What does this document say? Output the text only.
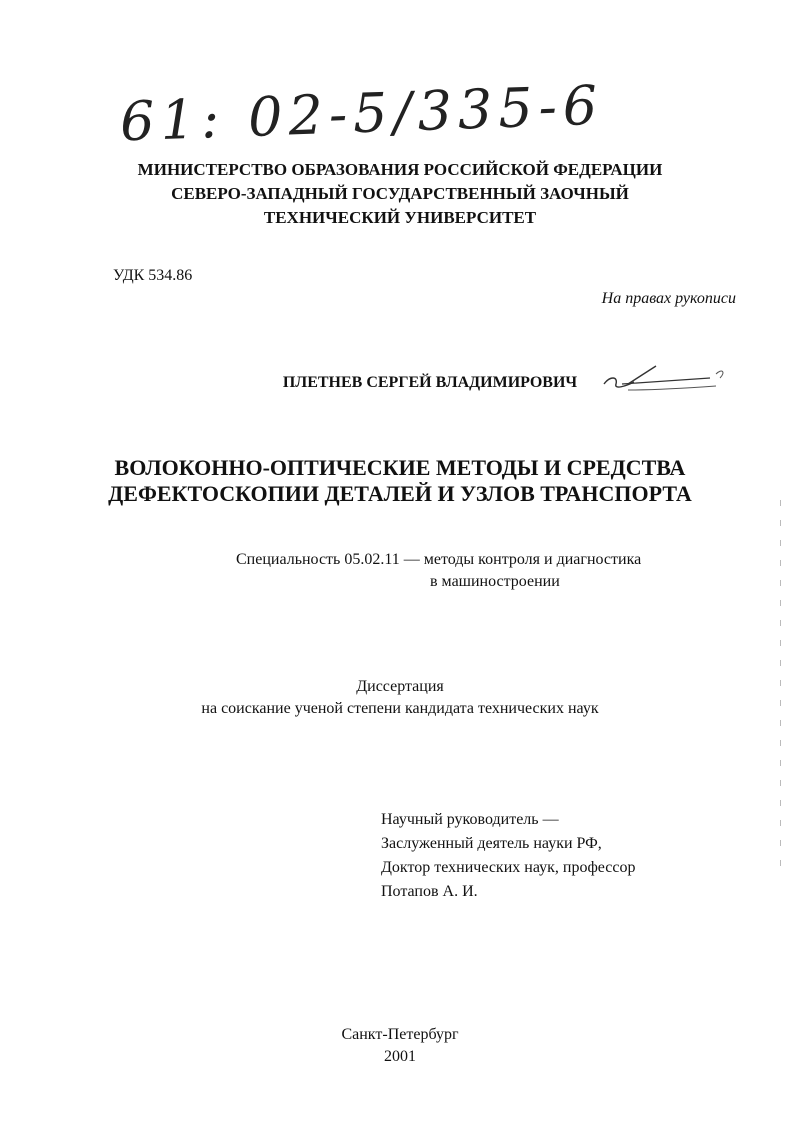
61: 02-5/335-6
МИНИСТЕРСТВО ОБРАЗОВАНИЯ РОССИЙСКОЙ ФЕДЕРАЦИИ
СЕВЕРО-ЗАПАДНЫЙ ГОСУДАРСТВЕННЫЙ ЗАОЧНЫЙ
ТЕХНИЧЕСКИЙ УНИВЕРСИТЕТ
УДК 534.86
На правах рукописи
ПЛЕТНЕВ СЕРГЕЙ ВЛАДИМИРОВИЧ
ВОЛОКОННО-ОПТИЧЕСКИЕ МЕТОДЫ И СРЕДСТВА
ДЕФЕКТОСКОПИИ ДЕТАЛЕЙ И УЗЛОВ ТРАНСПОРТА
Специальность 05.02.11 — методы контроля и диагностика
в машиностроении
Диссертация
на соискание ученой степени кандидата технических наук
Научный руководитель —
Заслуженный деятель науки РФ,
Доктор технических наук, профессор
Потапов А. И.
Санкт-Петербург
2001
